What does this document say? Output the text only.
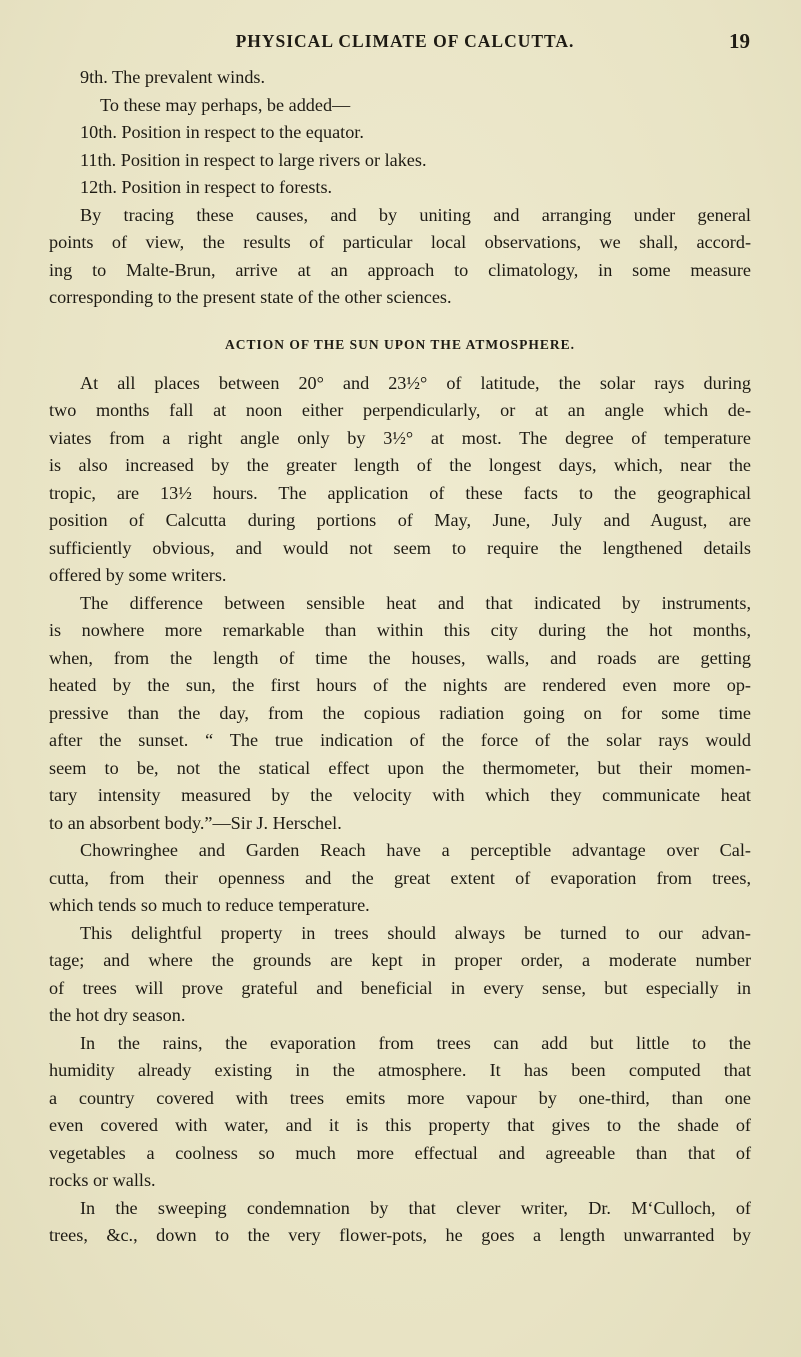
PHYSICAL CLIMATE OF CALCUTTA.	19
9th. The prevalent winds.
To these may perhaps, be added—
10th. Position in respect to the equator.
11th. Position in respect to large rivers or lakes.
12th. Position in respect to forests.
By tracing these causes, and by uniting and arranging under general
points of view, the results of particular local observations, we shall, accord-
ing to Malte-Brun, arrive at an approach to climatology, in some measure
corresponding to the present state of the other sciences.
ACTION OF THE SUN UPON THE ATMOSPHERE.
At all places between 20° and 23½° of latitude, the solar rays during
two months fall at noon either perpendicularly, or at an angle which de-
viates from a right angle only by 3½° at most. The degree of temperature
is also increased by the greater length of the longest days, which, near the
tropic, are 13½ hours. The application of these facts to the geographical
position of Calcutta during portions of May, June, July and August, are
sufficiently obvious, and would not seem to require the lengthened details
offered by some writers.
The difference between sensible heat and that indicated by instruments,
is nowhere more remarkable than within this city during the hot months,
when, from the length of time the houses, walls, and roads are getting
heated by the sun, the first hours of the nights are rendered even more op-
pressive than the day, from the copious radiation going on for some time
after the sunset. “ The true indication of the force of the solar rays would
seem to be, not the statical effect upon the thermometer, but their momen-
tary intensity measured by the velocity with which they communicate heat
to an absorbent body.”—Sir J. Herschel.
Chowringhee and Garden Reach have a perceptible advantage over Cal-
cutta, from their openness and the great extent of evaporation from trees,
which tends so much to reduce temperature.
This delightful property in trees should always be turned to our advan-
tage; and where the grounds are kept in proper order, a moderate number
of trees will prove grateful and beneficial in every sense, but especially in
the hot dry season.
In the rains, the evaporation from trees can add but little to the
humidity already existing in the atmosphere. It has been computed that
a country covered with trees emits more vapour by one-third, than one
even covered with water, and it is this property that gives to the shade of
vegetables a coolness so much more effectual and agreeable than that of
rocks or walls.
In the sweeping condemnation by that clever writer, Dr. M‘Culloch, of
trees, &c., down to the very flower-pots, he goes a length unwarranted by
